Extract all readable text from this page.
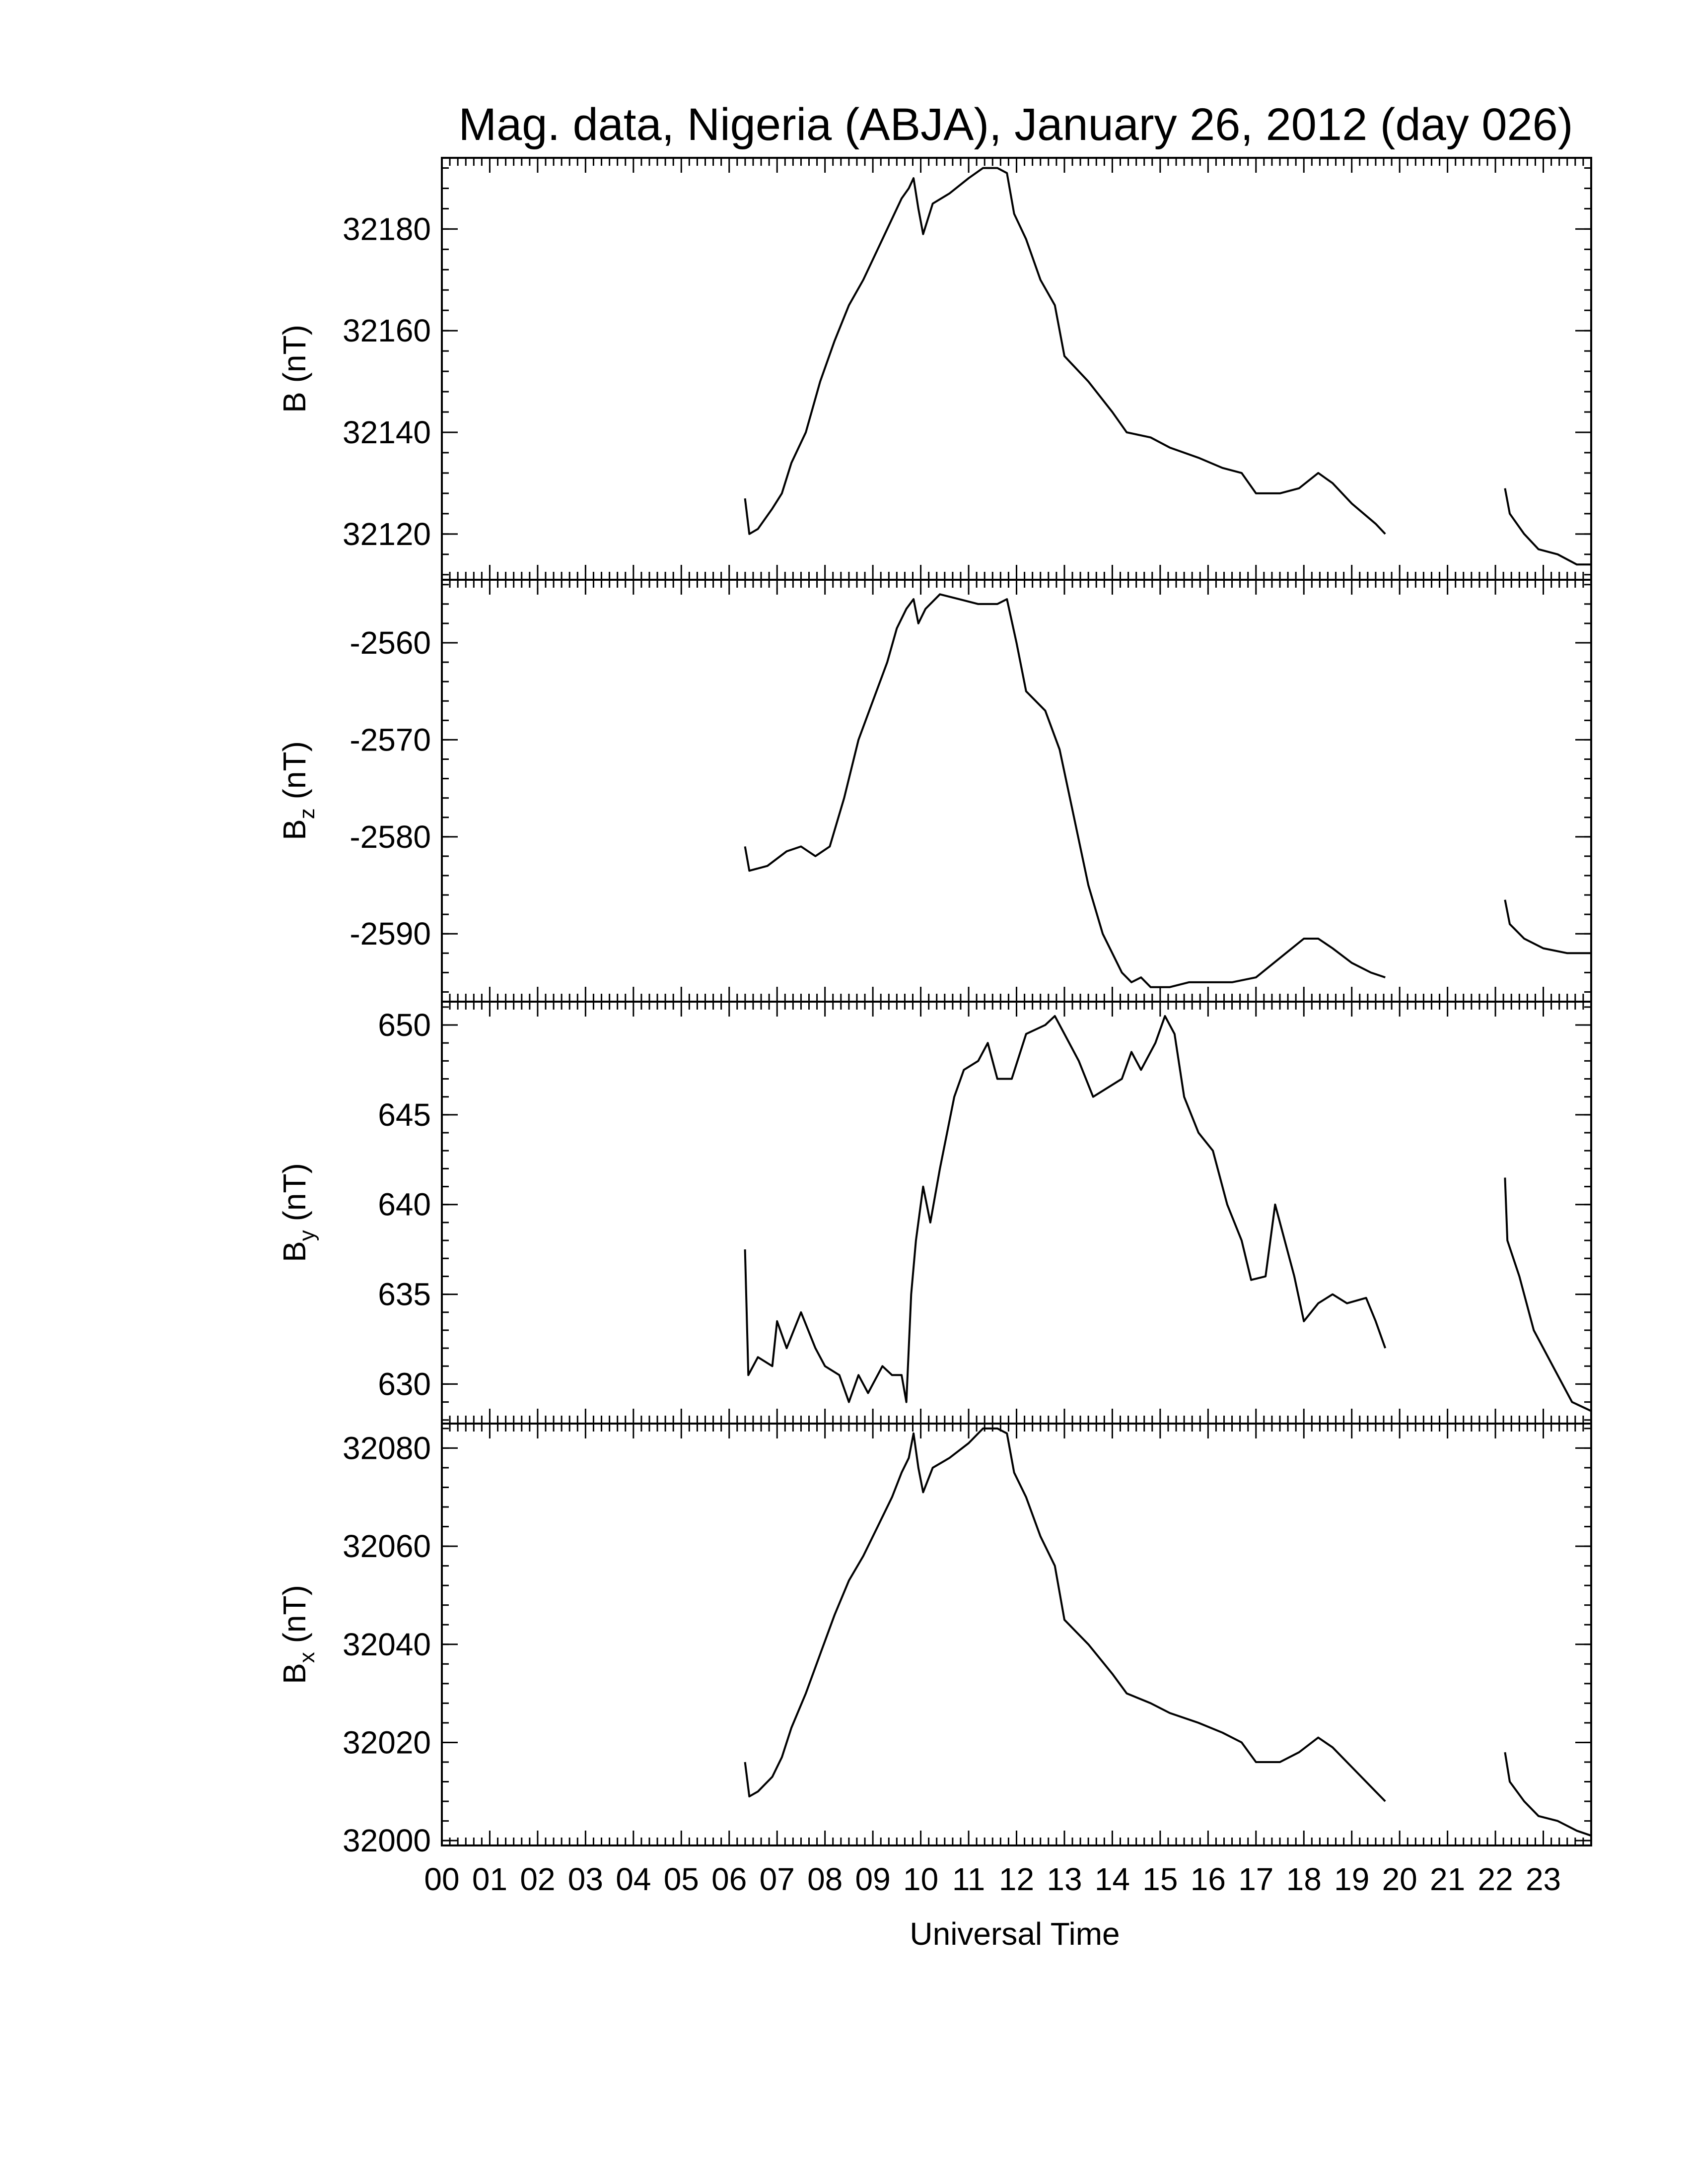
Mag. data, Nigeria (ABJA), January 26, 2012 (day 026)
32120
32140
32160
32180
B (nT)
-2560
-2570
-2580
-2590
$B_z$ (nT)
630
635
640
645
650
$B_y$ (nT)
32000
32020
32040
32060
32080
$B_x$ (nT)
00 01 02 03 04 05 06 07 08 09 10 11 12 13 14 15 16 17 18 19 20 21 22 23
Universal Time
